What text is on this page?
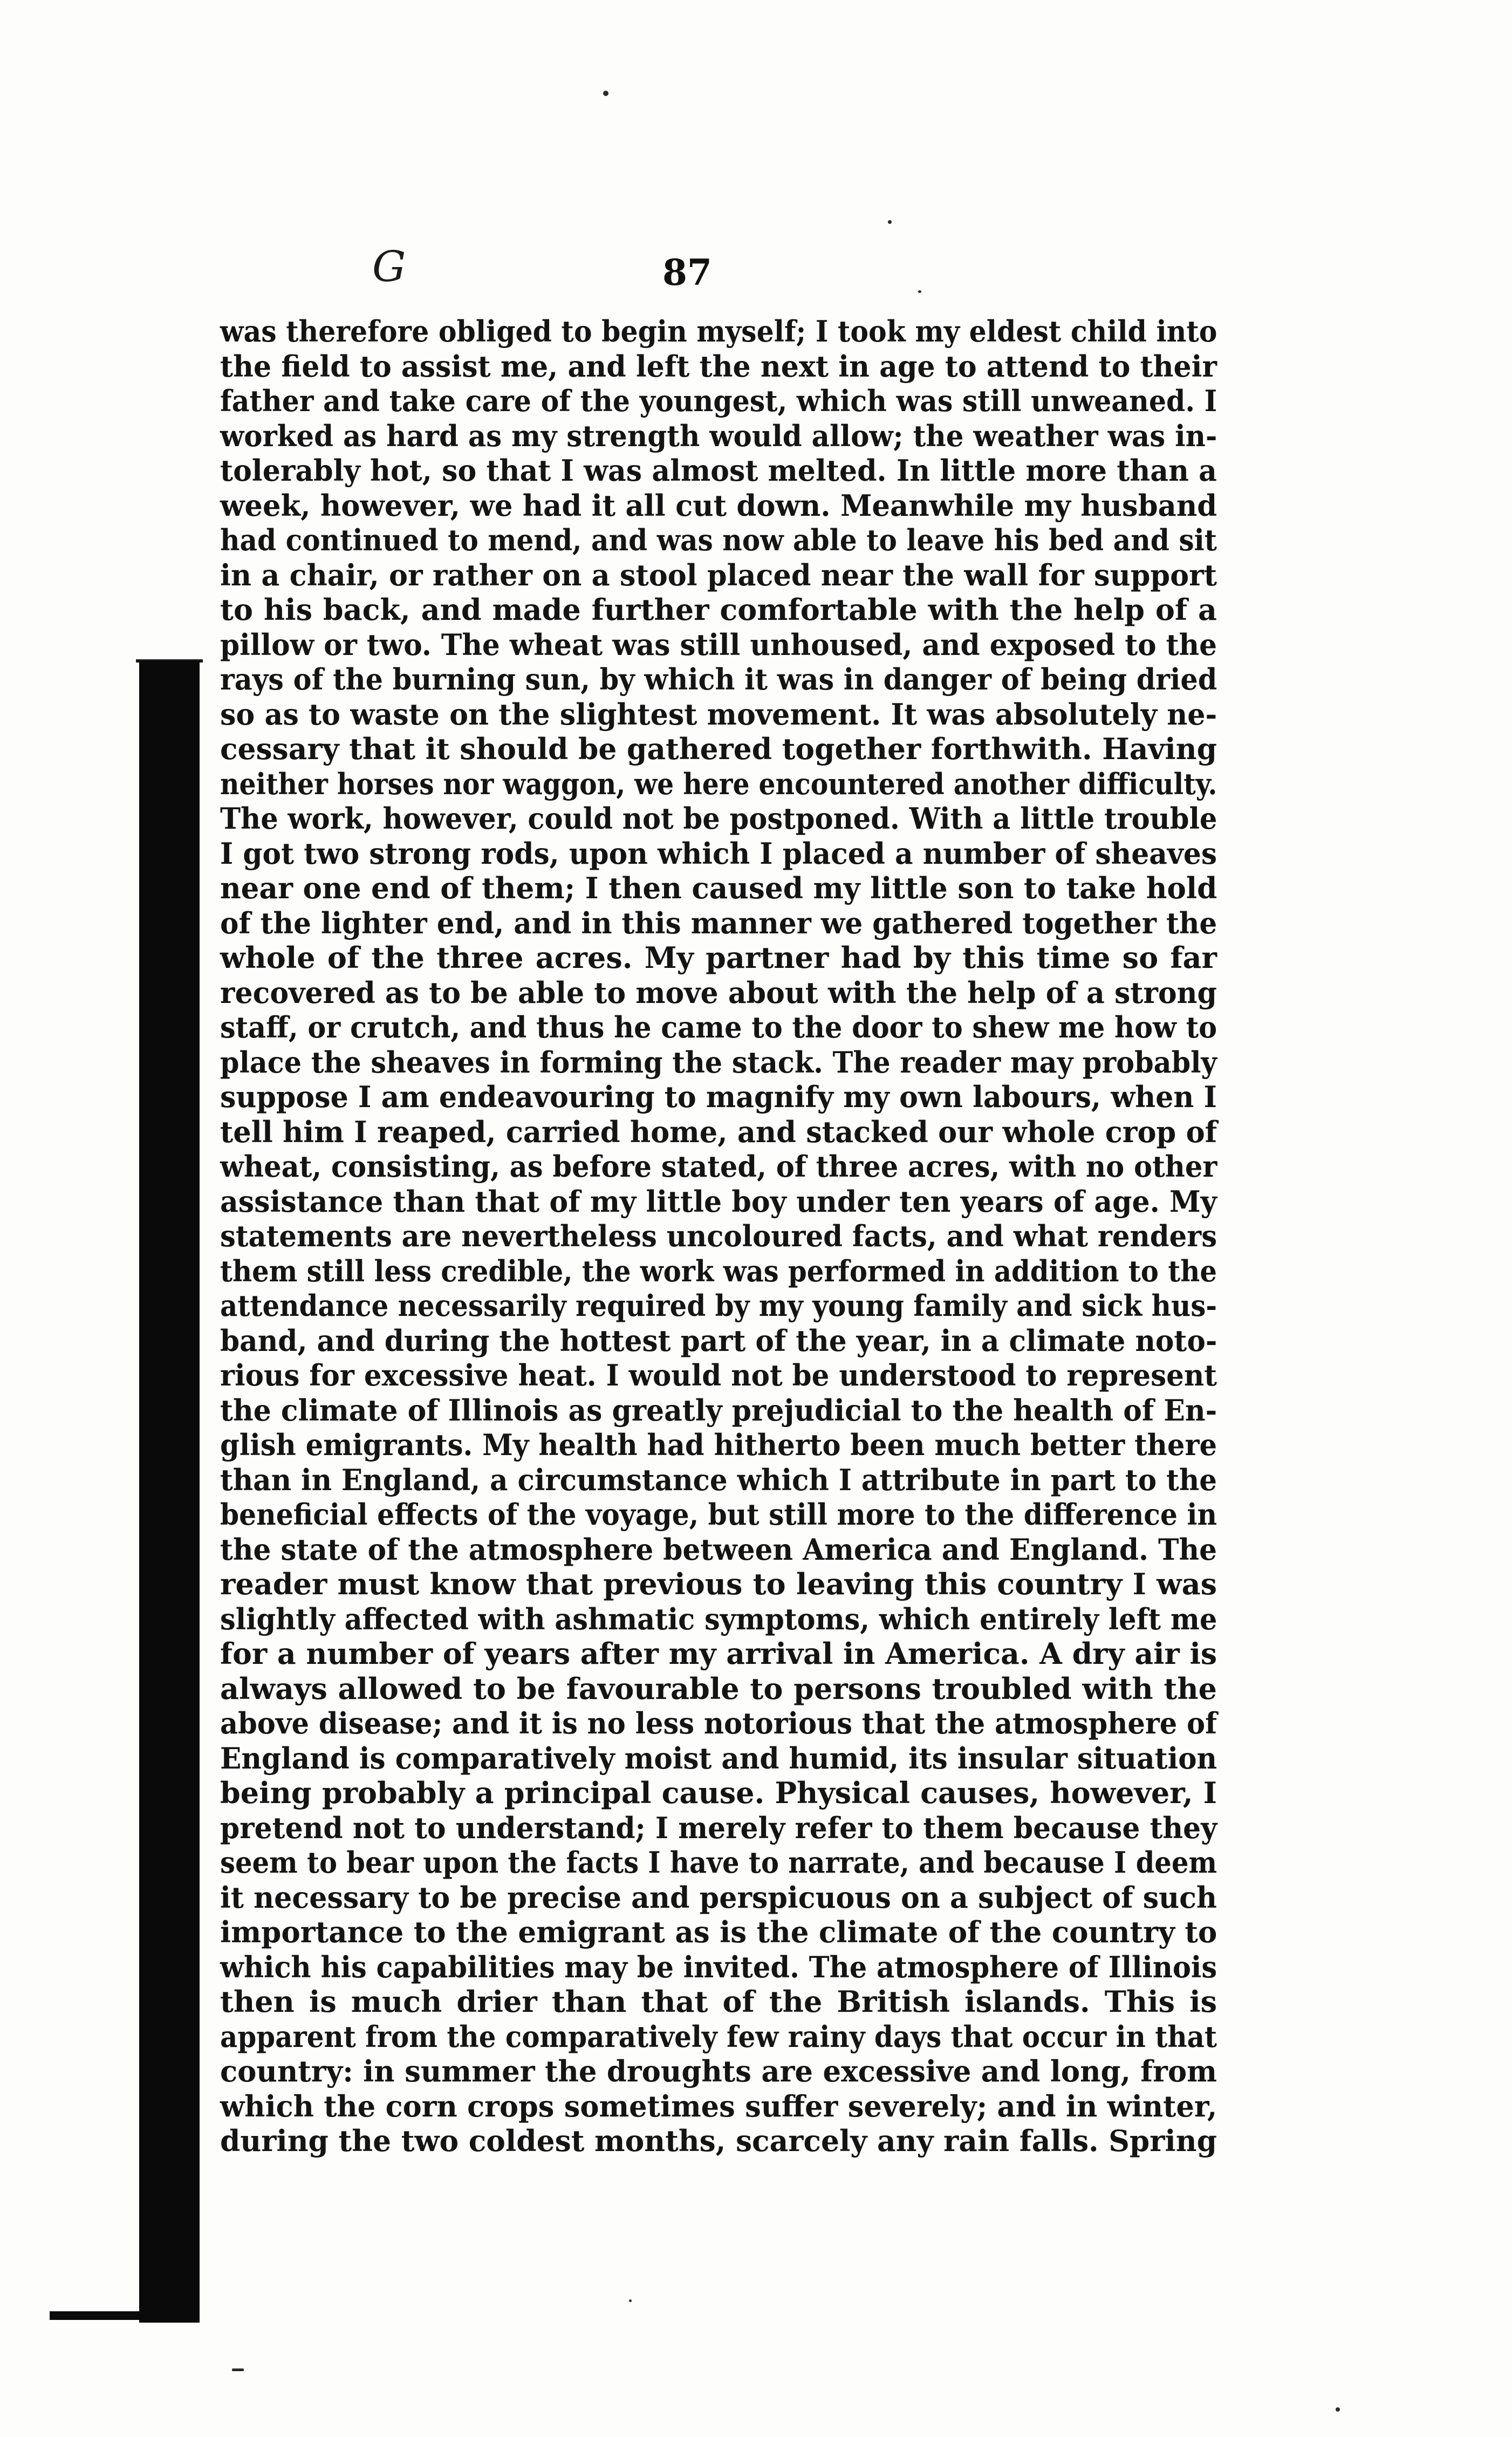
G	87
was therefore obliged to begin myself; I took my eldest child into
the field to assist me, and left the next in age to attend to their
father and take care of the youngest, which was still unweaned. I
worked as hard as my strength would allow; the weather was in-
tolerably hot, so that I was almost melted. In little more than a
week, however, we had it all cut down. Meanwhile my husband
had continued to mend, and was now able to leave his bed and sit
in a chair, or rather on a stool placed near the wall for support
to his back, and made further comfortable with the help of a
pillow or two. The wheat was still unhoused, and exposed to the
rays of the burning sun, by which it was in danger of being dried
so as to waste on the slightest movement. It was absolutely ne-
cessary that it should be gathered together forthwith. Having
neither horses nor waggon, we here encountered another difficulty.
The work, however, could not be postponed. With a little trouble
I got two strong rods, upon which I placed a number of sheaves
near one end of them; I then caused my little son to take hold
of the lighter end, and in this manner we gathered together the
whole of the three acres. My partner had by this time so far
recovered as to be able to move about with the help of a strong
staff, or crutch, and thus he came to the door to shew me how to
place the sheaves in forming the stack. The reader may probably
suppose I am endeavouring to magnify my own labours, when I
tell him I reaped, carried home, and stacked our whole crop of
wheat, consisting, as before stated, of three acres, with no other
assistance than that of my little boy under ten years of age. My
statements are nevertheless uncoloured facts, and what renders
them still less credible, the work was performed in addition to the
attendance necessarily required by my young family and sick hus-
band, and during the hottest part of the year, in a climate noto-
rious for excessive heat. I would not be understood to represent
the climate of Illinois as greatly prejudicial to the health of En-
glish emigrants. My health had hitherto been much better there
than in England, a circumstance which I attribute in part to the
beneficial effects of the voyage, but still more to the difference in
the state of the atmosphere between America and England. The
reader must know that previous to leaving this country I was
slightly affected with ashmatic symptoms, which entirely left me
for a number of years after my arrival in America. A dry air is
always allowed to be favourable to persons troubled with the
above disease; and it is no less notorious that the atmosphere of
England is comparatively moist and humid, its insular situation
being probably a principal cause. Physical causes, however, I
pretend not to understand; I merely refer to them because they
seem to bear upon the facts I have to narrate, and because I deem
it necessary to be precise and perspicuous on a subject of such
importance to the emigrant as is the climate of the country to
which his capabilities may be invited. The atmosphere of Illinois
then is much drier than that of the British islands. This is
apparent from the comparatively few rainy days that occur in that
country: in summer the droughts are excessive and long, from
which the corn crops sometimes suffer severely; and in winter,
during the two coldest months, scarcely any rain falls. Spring
